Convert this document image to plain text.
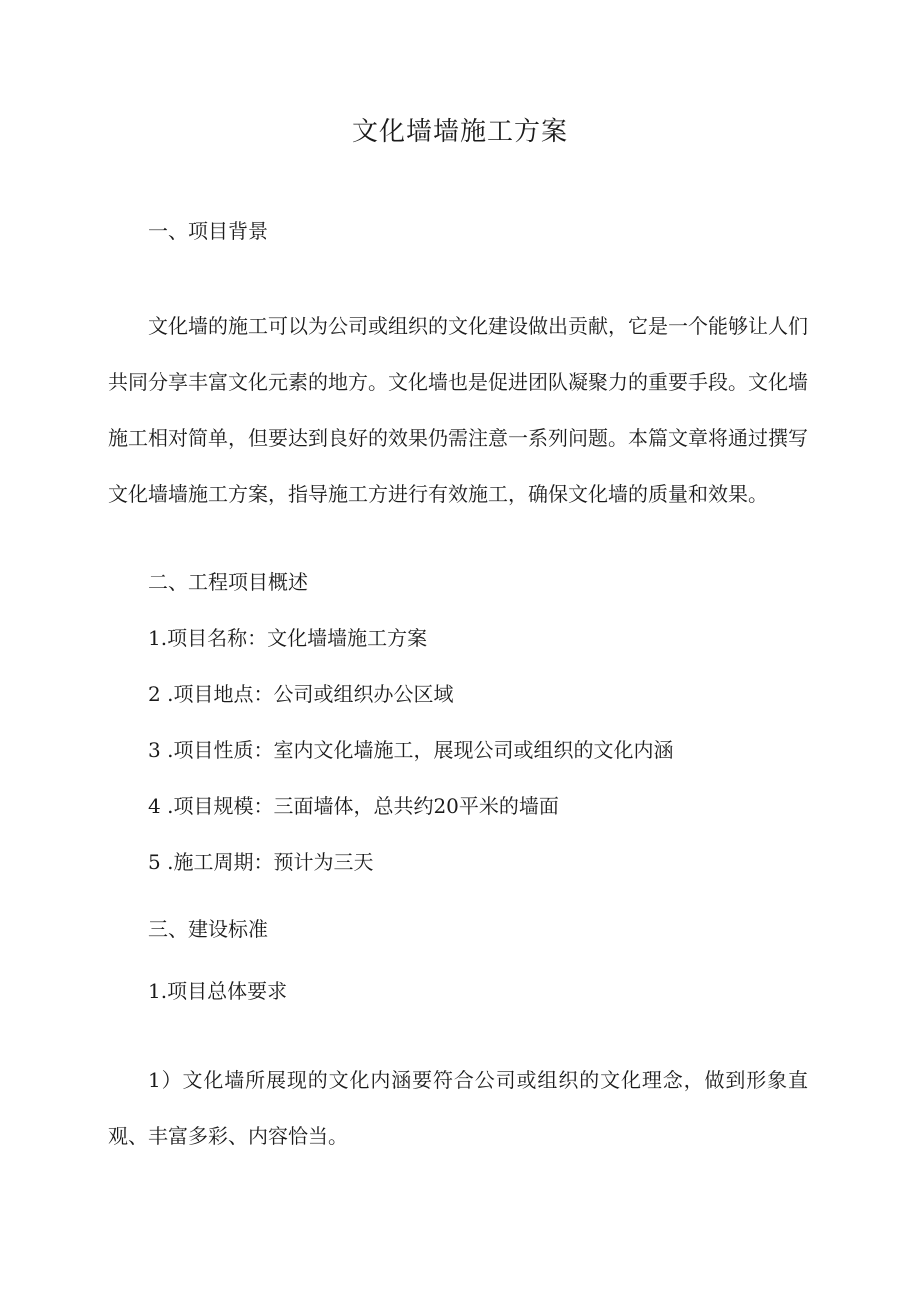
文化墙墙施工方案
一、项目背景

文化墙的施工可以为公司或组织的文化建设做出贡献，它是一个能够让人们共同分享丰富文化元素的地方。文化墙也是促进团队凝聚力的重要手段。文化墙施工相对简单，但要达到良好的效果仍需注意一系列问题。本篇文章将通过撰写文化墙墙施工方案，指导施工方进行有效施工，确保文化墙的质量和效果。

二、工程项目概述
1.项目名称：文化墙墙施工方案
2 .项目地点：公司或组织办公区域
3 .项目性质：室内文化墙施工，展现公司或组织的文化内涵
4 .项目规模：三面墙体，总共约20平米的墙面
5 .施工周期：预计为三天
三、建设标准
1.项目总体要求

1）文化墙所展现的文化内涵要符合公司或组织的文化理念，做到形象直观、丰富多彩、内容恰当。
